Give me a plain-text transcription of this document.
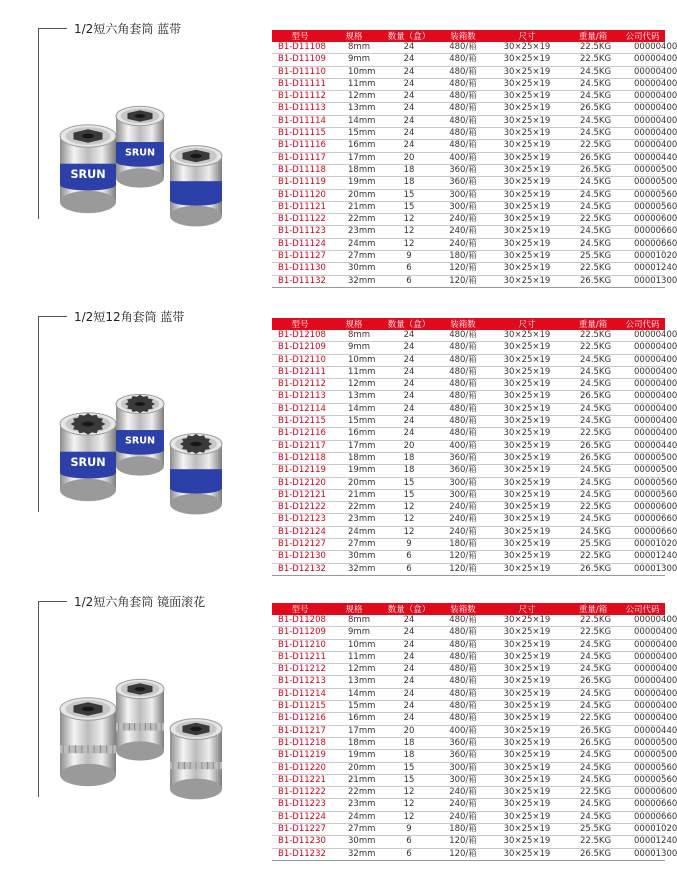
1/2短六角套筒 蓝带
SRUN
SRUN
型号	规格	数量（盒）	装箱数	尺寸	重量/箱	公司代码
B1-D11108	8mm	24	480/箱	30×25×19	22.5KG	00000400
B1-D11109	9mm	24	480/箱	30×25×19	22.5KG	00000400
B1-D11110	10mm	24	480/箱	30×25×19	24.5KG	00000400
B1-D11111	11mm	24	480/箱	30×25×19	24.5KG	00000400
B1-D11112	12mm	24	480/箱	30×25×19	24.5KG	00000400
B1-D11113	13mm	24	480/箱	30×25×19	26.5KG	00000400
B1-D11114	14mm	24	480/箱	30×25×19	24.5KG	00000400
B1-D11115	15mm	24	480/箱	30×25×19	24.5KG	00000400
B1-D11116	16mm	24	480/箱	30×25×19	22.5KG	00000400
B1-D11117	17mm	20	400/箱	30×25×19	26.5KG	00000440
B1-D11118	18mm	18	360/箱	30×25×19	26.5KG	00000500
B1-D11119	19mm	18	360/箱	30×25×19	24.5KG	00000500
B1-D11120	20mm	15	300/箱	30×25×19	24.5KG	00000560
B1-D11121	21mm	15	300/箱	30×25×19	24.5KG	00000560
B1-D11122	22mm	12	240/箱	30×25×19	22.5KG	00000600
B1-D11123	23mm	12	240/箱	30×25×19	24.5KG	00000660
B1-D11124	24mm	12	240/箱	30×25×19	24.5KG	00000660
B1-D11127	27mm	9	180/箱	30×25×19	25.5KG	00001020
B1-D11130	30mm	6	120/箱	30×25×19	22.5KG	00001240
B1-D11132	32mm	6	120/箱	30×25×19	26.5KG	00001300
1/2短12角套筒 蓝带
SRUN
SRUN
型号	规格	数量（盒）	装箱数	尺寸	重量/箱	公司代码
B1-D12108	8mm	24	480/箱	30×25×19	22.5KG	00000400
B1-D12109	9mm	24	480/箱	30×25×19	22.5KG	00000400
B1-D12110	10mm	24	480/箱	30×25×19	24.5KG	00000400
B1-D12111	11mm	24	480/箱	30×25×19	24.5KG	00000400
B1-D12112	12mm	24	480/箱	30×25×19	24.5KG	00000400
B1-D12113	13mm	24	480/箱	30×25×19	26.5KG	00000400
B1-D12114	14mm	24	480/箱	30×25×19	24.5KG	00000400
B1-D12115	15mm	24	480/箱	30×25×19	24.5KG	00000400
B1-D12116	16mm	24	480/箱	30×25×19	22.5KG	00000400
B1-D12117	17mm	20	400/箱	30×25×19	26.5KG	00000440
B1-D12118	18mm	18	360/箱	30×25×19	26.5KG	00000500
B1-D12119	19mm	18	360/箱	30×25×19	24.5KG	00000500
B1-D12120	20mm	15	300/箱	30×25×19	24.5KG	00000560
B1-D12121	21mm	15	300/箱	30×25×19	24.5KG	00000560
B1-D12122	22mm	12	240/箱	30×25×19	22.5KG	00000600
B1-D12123	23mm	12	240/箱	30×25×19	24.5KG	00000660
B1-D12124	24mm	12	240/箱	30×25×19	24.5KG	00000660
B1-D12127	27mm	9	180/箱	30×25×19	25.5KG	00001020
B1-D12130	30mm	6	120/箱	30×25×19	22.5KG	00001240
B1-D12132	32mm	6	120/箱	30×25×19	26.5KG	00001300
1/2短六角套筒 镜面滚花
型号	规格	数量（盒）	装箱数	尺寸	重量/箱	公司代码
B1-D11208	8mm	24	480/箱	30×25×19	22.5KG	00000400
B1-D11209	9mm	24	480/箱	30×25×19	22.5KG	00000400
B1-D11210	10mm	24	480/箱	30×25×19	24.5KG	00000400
B1-D11211	11mm	24	480/箱	30×25×19	24.5KG	00000400
B1-D11212	12mm	24	480/箱	30×25×19	24.5KG	00000400
B1-D11213	13mm	24	480/箱	30×25×19	26.5KG	00000400
B1-D11214	14mm	24	480/箱	30×25×19	24.5KG	00000400
B1-D11215	15mm	24	480/箱	30×25×19	24.5KG	00000400
B1-D11216	16mm	24	480/箱	30×25×19	22.5KG	00000400
B1-D11217	17mm	20	400/箱	30×25×19	26.5KG	00000440
B1-D11218	18mm	18	360/箱	30×25×19	26.5KG	00000500
B1-D11219	19mm	18	360/箱	30×25×19	24.5KG	00000500
B1-D11220	20mm	15	300/箱	30×25×19	24.5KG	00000560
B1-D11221	21mm	15	300/箱	30×25×19	24.5KG	00000560
B1-D11222	22mm	12	240/箱	30×25×19	22.5KG	00000600
B1-D11223	23mm	12	240/箱	30×25×19	24.5KG	00000660
B1-D11224	24mm	12	240/箱	30×25×19	24.5KG	00000660
B1-D11227	27mm	9	180/箱	30×25×19	25.5KG	00001020
B1-D11230	30mm	6	120/箱	30×25×19	22.5KG	00001240
B1-D11232	32mm	6	120/箱	30×25×19	26.5KG	00001300
